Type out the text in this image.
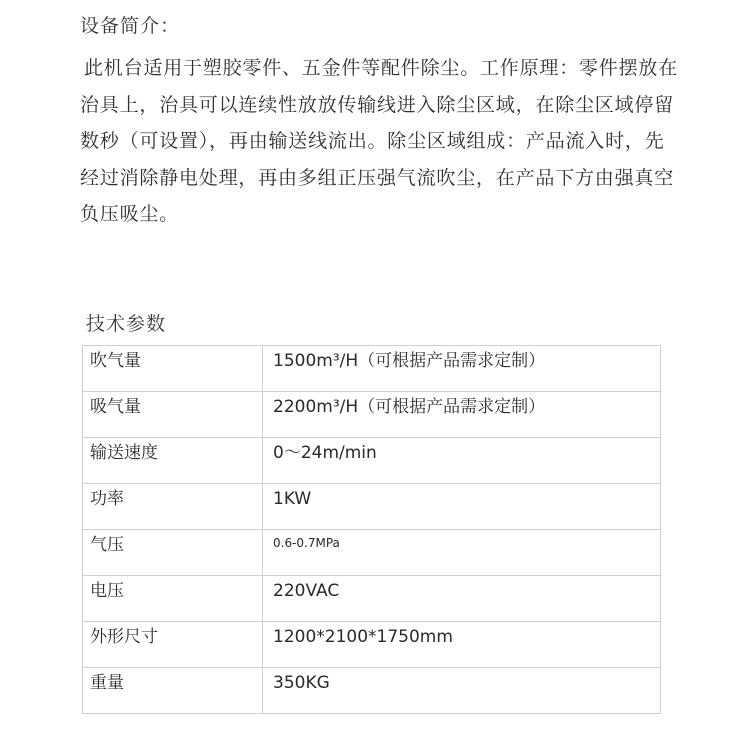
设备简介：
此机台适用于塑胶零件、五金件等配件除尘。工作原理：零件摆放在
治具上，治具可以连续性放放传输线进入除尘区域，在除尘区域停留
数秒（可设置），再由输送线流出。除尘区域组成：产品流入时，先
经过消除静电处理，再由多组正压强气流吹尘，在产品下方由强真空
负压吸尘。
技术参数
吹气量	1500m³/H（可根据产品需求定制）
吸气量	2200m³/H（可根据产品需求定制）
输送速度	0～24m/min
功率	1KW
气压	0.6-0.7MPa
电压	220VAC
外形尺寸	1200*2100*1750mm
重量	350KG
